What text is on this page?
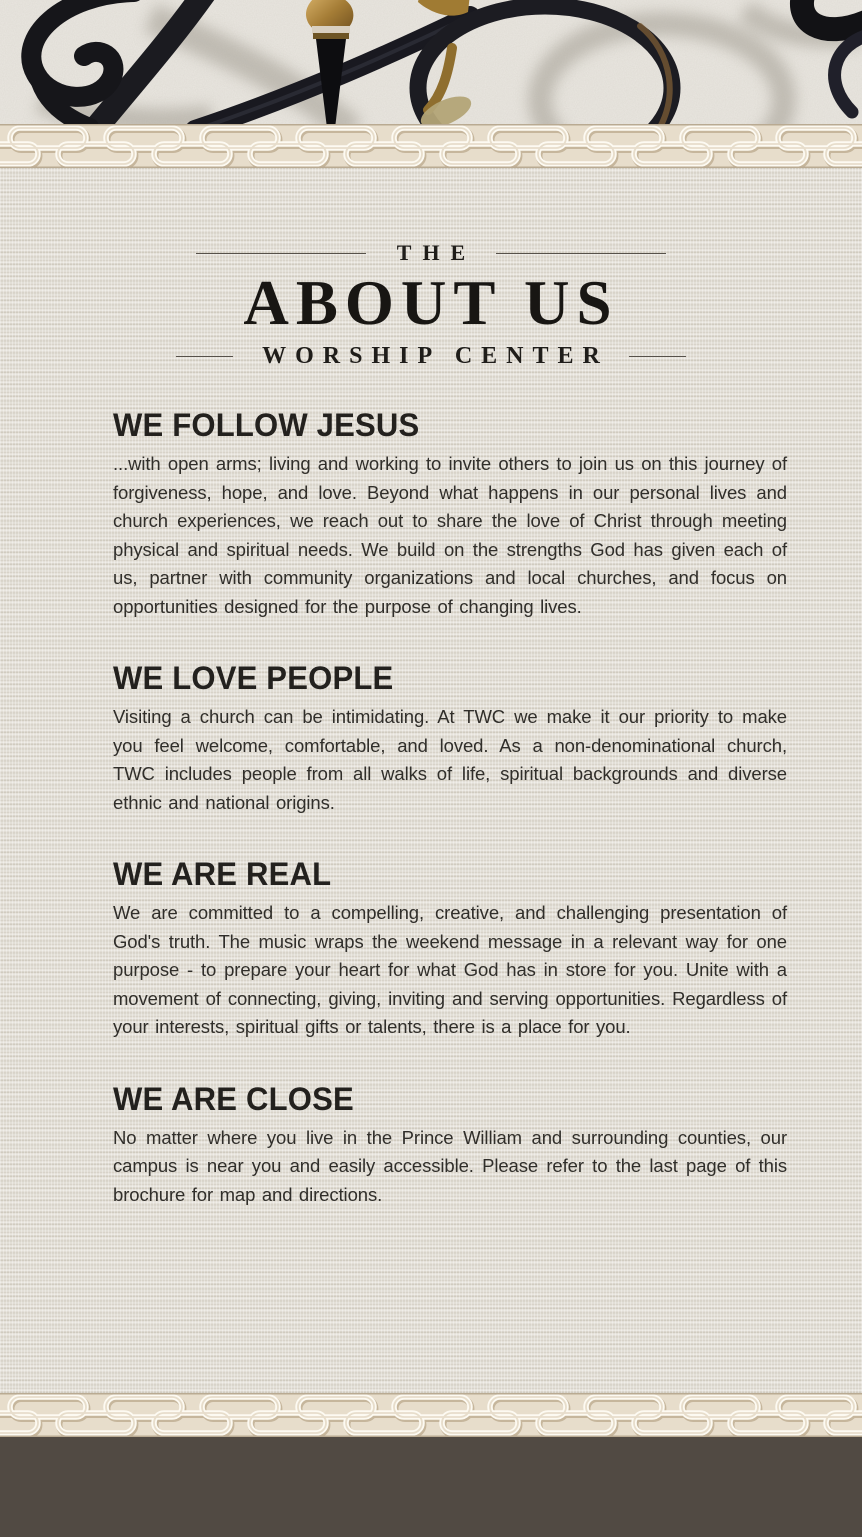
THE
ABOUT US
WORSHIP CENTER
WE FOLLOW JESUS

...with open arms; living and working to invite others to join us on this journey of forgiveness, hope, and love. Beyond what happens in our personal lives and church experiences, we reach out to share the love of Christ through meeting physical and spiritual needs. We build on the strengths God has given each of us, partner with community organizations and local churches, and focus on opportunities designed for the purpose of changing lives.

WE LOVE PEOPLE

Visiting a church can be intimidating. At TWC we make it our priority to make you feel welcome, comfortable, and loved. As a non-denominational church, TWC includes people from all walks of life, spiritual backgrounds and diverse ethnic and national origins.

WE ARE REAL

We are committed to a compelling, creative, and challenging presentation of God's truth. The music wraps the weekend message in a relevant way for one purpose - to prepare your heart for what God has in store for you. Unite with a movement of connecting, giving, inviting and serving opportunities. Regardless of your interests, spiritual gifts or talents, there is a place for you.

WE ARE CLOSE

No matter where you live in the Prince William and surrounding counties, our campus is near you and easily accessible. Please refer to the last page of this brochure for map and directions.
